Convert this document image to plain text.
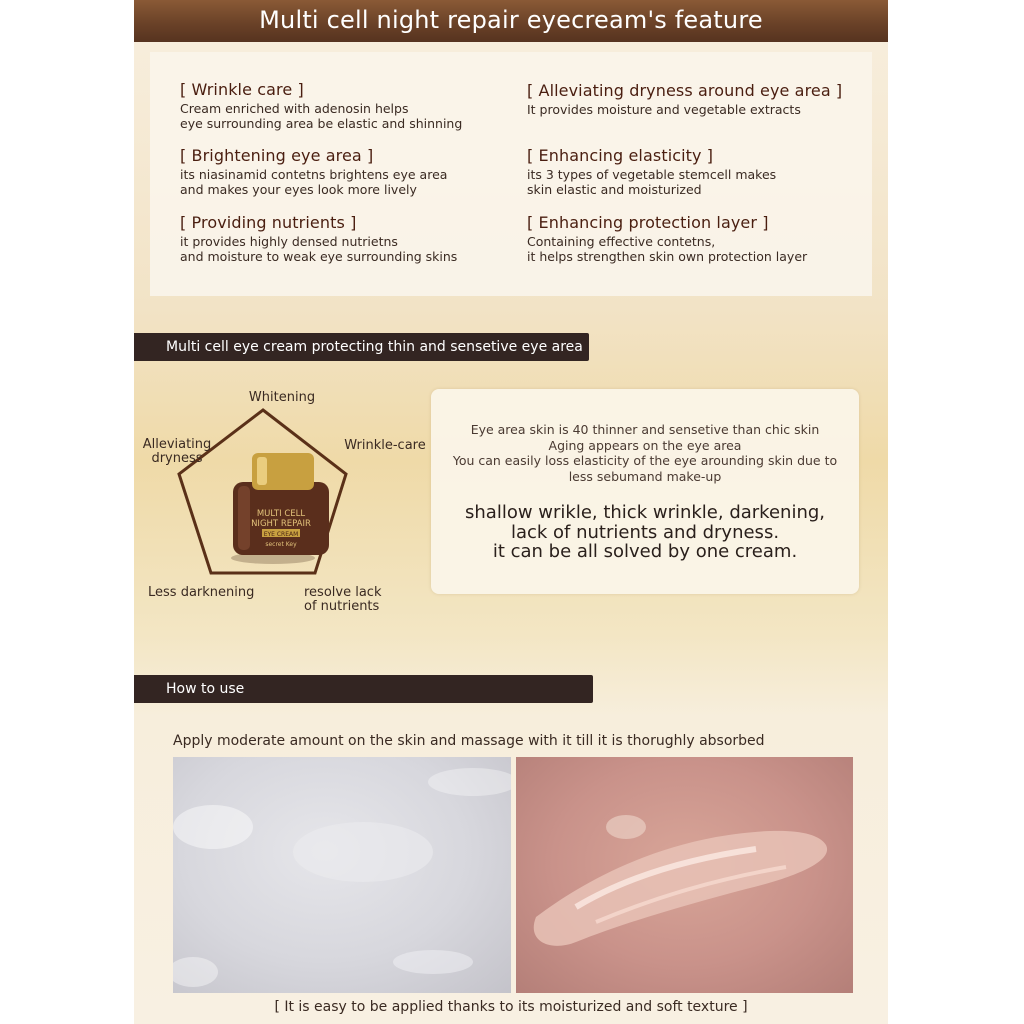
Multi cell night repair eyecream's feature
[ Wrinkle care ]
Cream enriched with adenosin helps
eye surrounding area be elastic and shinning
[ Alleviating dryness around eye area ]
It provides moisture and vegetable extracts
[ Brightening eye area ]
its niasinamid contetns brightens eye area
and makes your eyes look more lively
[ Enhancing elasticity ]
its 3 types of vegetable stemcell makes
skin elastic and moisturized
[ Providing nutrients ]
it provides highly densed nutrietns
and moisture to weak eye surrounding skins
[ Enhancing protection layer ]
Containing effective contetns,
it helps strengthen skin own protection layer
Multi cell eye cream protecting thin and sensetive eye area
MULTI CELL
NIGHT REPAIR
EYE CREAM
secret Key
Whitening
Wrinkle-care
Alleviating
dryness
Less darknening	resolve lack
of nutrients
Eye area skin is 40 thinner and sensetive than chic skin
Aging appears on the eye area
You can easily loss elasticity of the eye arounding skin due to
less sebumand make-up
shallow wrikle, thick wrinkle, darkening,
lack of nutrients and dryness.
it can be all solved by one cream.
How to use
Apply moderate amount on the skin and massage with it till it is thorughly absorbed
[ It is easy to be applied thanks to its moisturized and soft texture ]
